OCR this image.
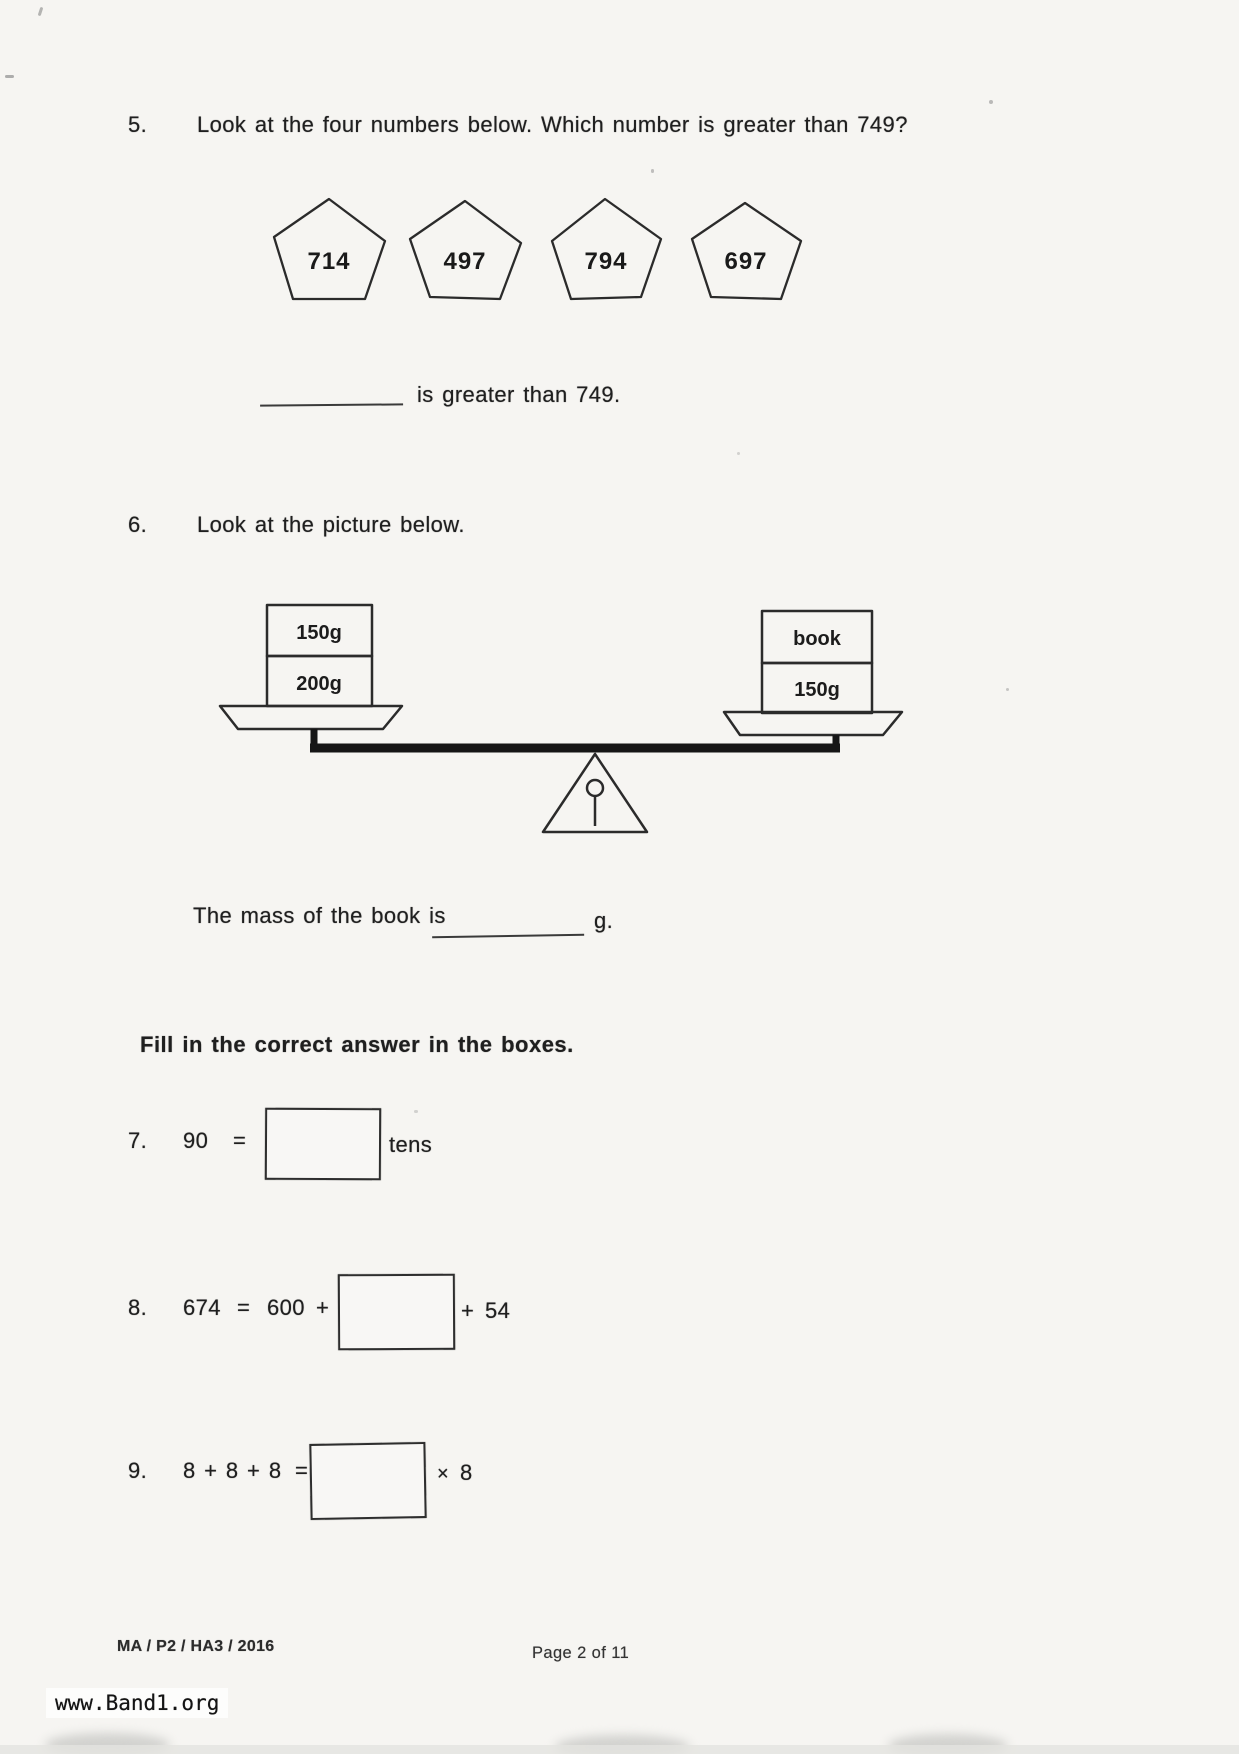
5. Look at the four numbers below. Which number is greater than 749?
714	497	794	697
is greater than 749.
6. Look at the picture below.
150g
200g
book
150g
The mass of the book is	g.
Fill in the correct answer in the boxes.
7. 90 =	tens
8. 674 = 600 +	+ 54
9. 8 + 8 + 8 =	× 8
MA / P2 / HA3 / 2016	Page 2 of 11
www.Band1.org
